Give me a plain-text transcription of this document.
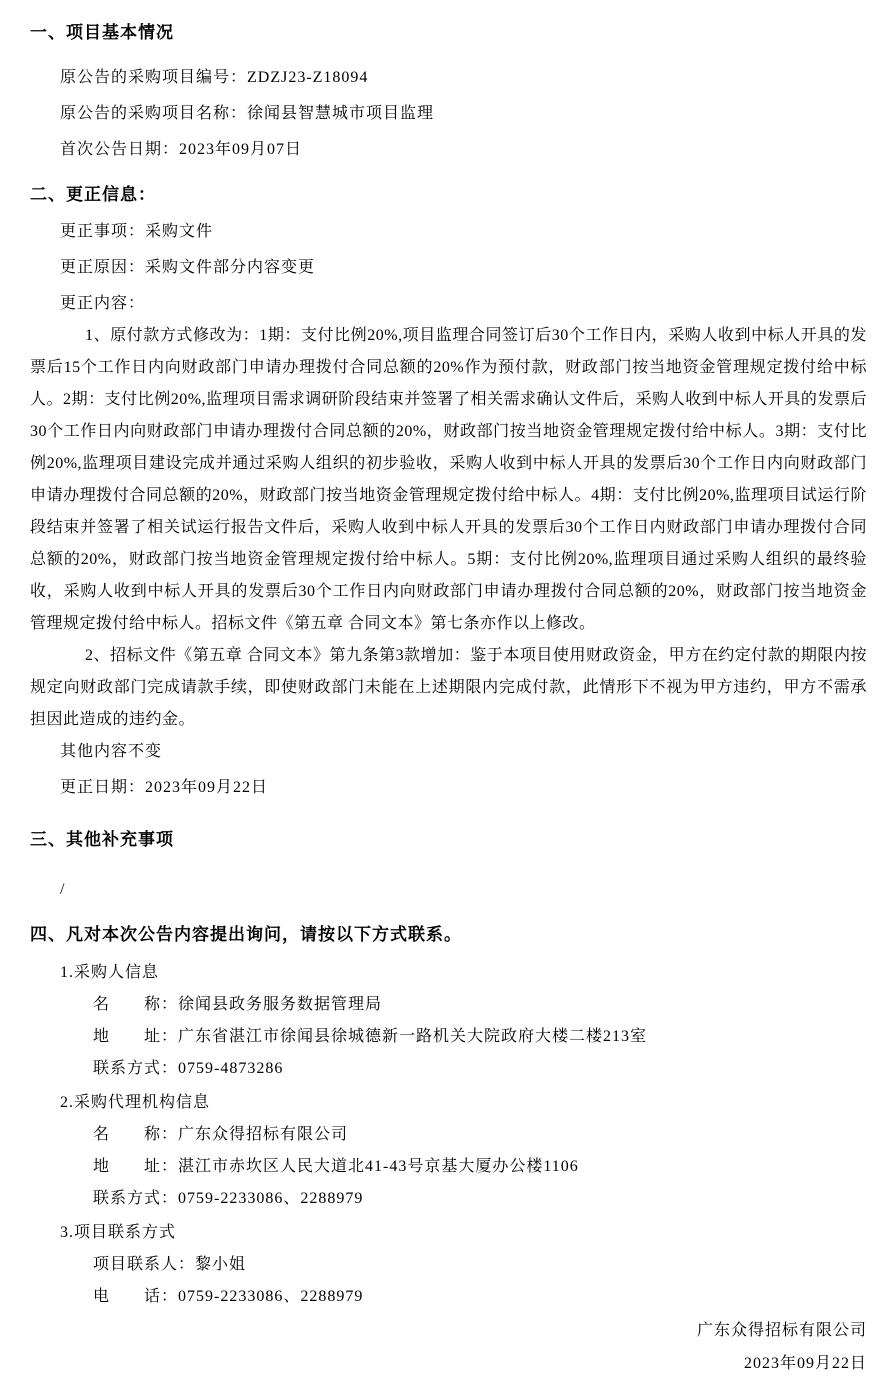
一、项目基本情况
原公告的采购项目编号：ZDZJ23-Z18094
原公告的采购项目名称：徐闻县智慧城市项目监理
首次公告日期：2023年09月07日
二、更正信息：
更正事项：采购文件
更正原因：采购文件部分内容变更
更正内容：

1、原付款方式修改为：1期：支付比例20%,项目监理合同签订后30个工作日内，采购人收到中标人开具的发票后15个工作日内向财政部门申请办理拨付合同总额的20%作为预付款，财政部门按当地资金管理规定拨付给中标人。2期：支付比例20%,监理项目需求调研阶段结束并签署了相关需求确认文件后，采购人收到中标人开具的发票后30个工作日内向财政部门申请办理拨付合同总额的20%，财政部门按当地资金管理规定拨付给中标人。3期：支付比例20%,监理项目建设完成并通过采购人组织的初步验收，采购人收到中标人开具的发票后30个工作日内向财政部门申请办理拨付合同总额的20%，财政部门按当地资金管理规定拨付给中标人。4期：支付比例20%,监理项目试运行阶段结束并签署了相关试运行报告文件后，采购人收到中标人开具的发票后30个工作日内财政部门申请办理拨付合同总额的20%，财政部门按当地资金管理规定拨付给中标人。5期：支付比例20%,监理项目通过采购人组织的最终验收，采购人收到中标人开具的发票后30个工作日内向财政部门申请办理拨付合同总额的20%，财政部门按当地资金管理规定拨付给中标人。招标文件《第五章 合同文本》第七条亦作以上修改。

2、招标文件《第五章 合同文本》第九条第3款增加：鉴于本项目使用财政资金，甲方在约定付款的期限内按规定向财政部门完成请款手续，即使财政部门未能在上述期限内完成付款，此情形下不视为甲方违约，甲方不需承担因此造成的违约金。

其他内容不变
更正日期：2023年09月22日
三、其他补充事项
/
四、凡对本次公告内容提出询问，请按以下方式联系。
1.采购人信息
名　　称：徐闻县政务服务数据管理局
地　　址：广东省湛江市徐闻县徐城德新一路机关大院政府大楼二楼213室
联系方式：0759-4873286
2.采购代理机构信息
名　　称：广东众得招标有限公司
地　　址：湛江市赤坎区人民大道北41-43号京基大厦办公楼1106
联系方式：0759-2233086、2288979
3.项目联系方式
项目联系人：黎小姐
电　　话：0759-2233086、2288979
广东众得招标有限公司
2023年09月22日
